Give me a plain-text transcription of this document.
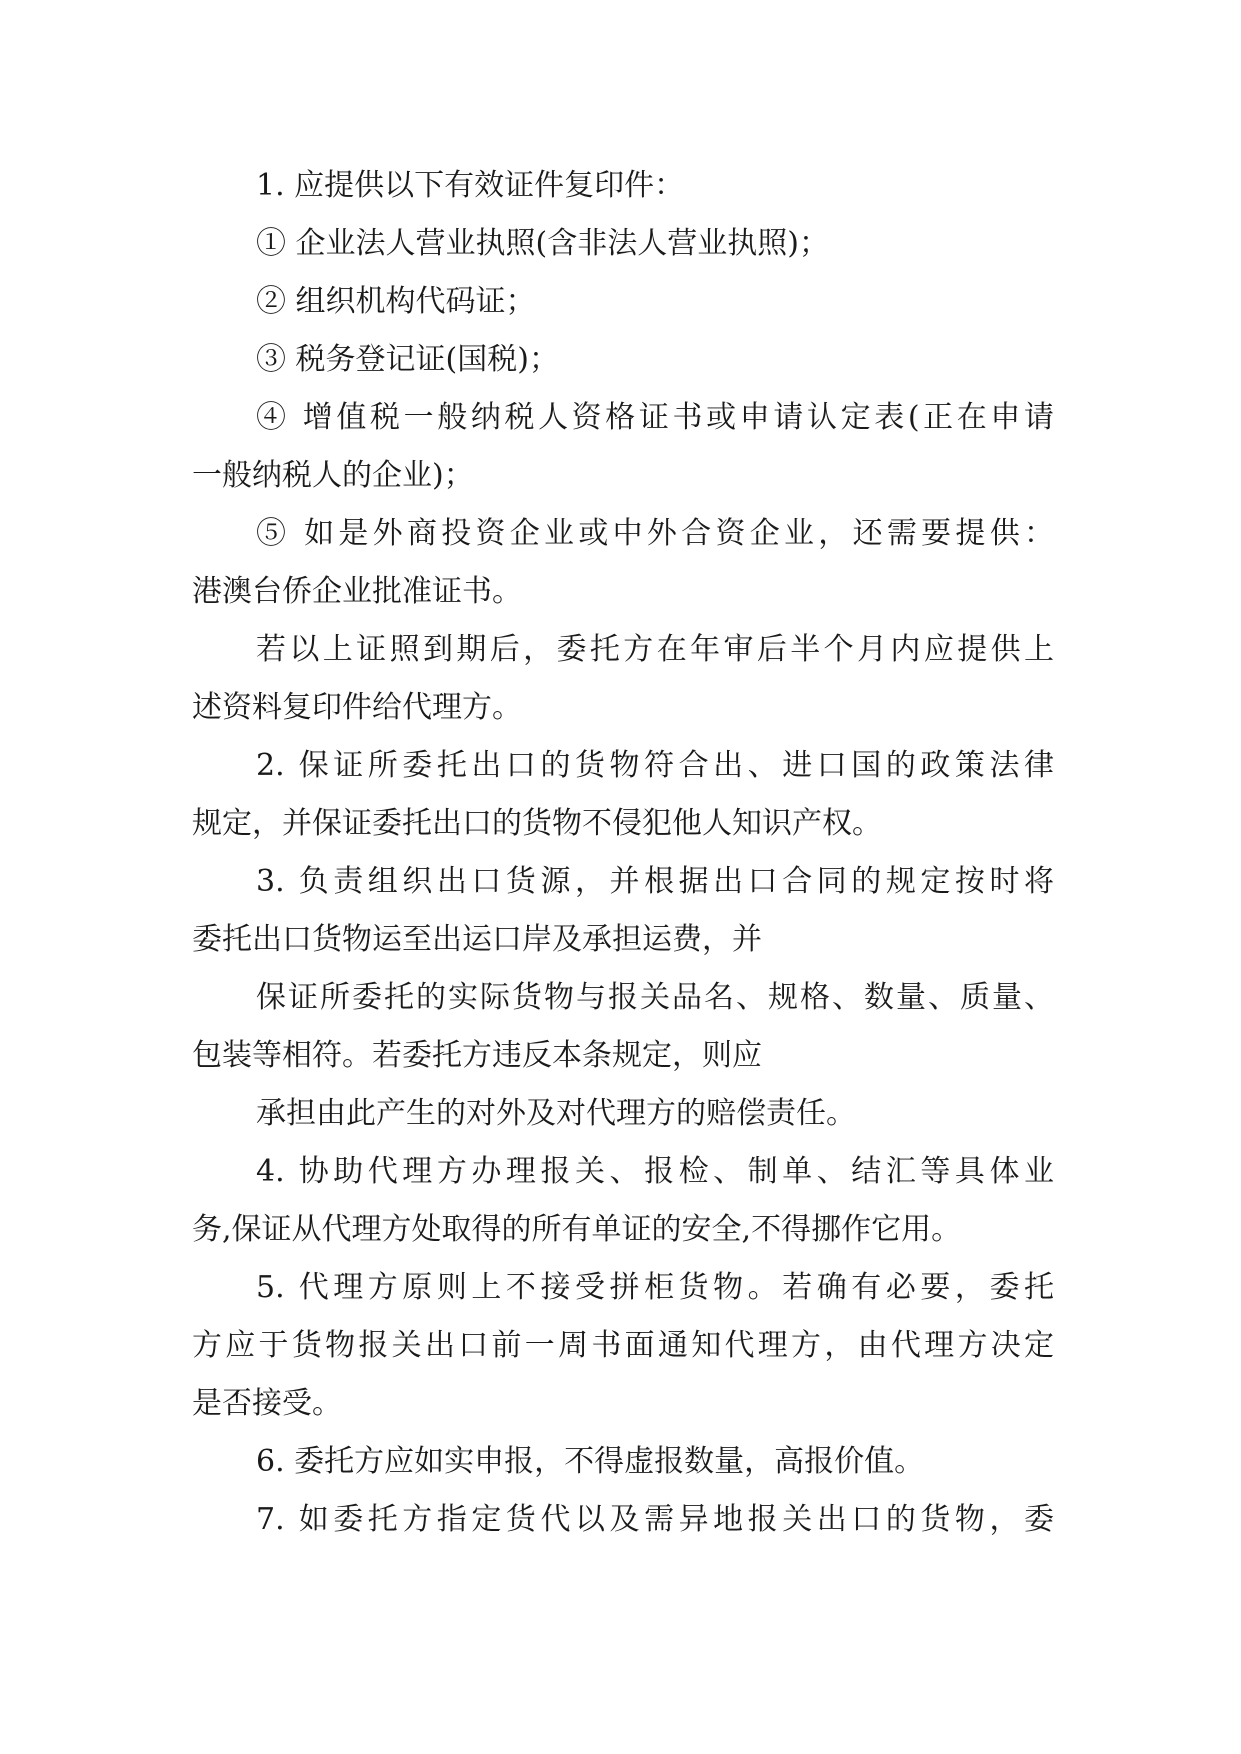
1. 应提供以下有效证件复印件：
① 企业法人营业执照(含非法人营业执照)；
② 组织机构代码证；
③ 税务登记证(国税)；
④ 增值税一般纳税人资格证书或申请认定表(正在申请
一般纳税人的企业)；
⑤ 如是外商投资企业或中外合资企业，还需要提供：
港澳台侨企业批准证书。
若以上证照到期后，委托方在年审后半个月内应提供上
述资料复印件给代理方。
2. 保证所委托出口的货物符合出、进口国的政策法律
规定，并保证委托出口的货物不侵犯他人知识产权。
3. 负责组织出口货源，并根据出口合同的规定按时将
委托出口货物运至出运口岸及承担运费，并
保证所委托的实际货物与报关品名、规格、数量、质量、
包装等相符。若委托方违反本条规定，则应
承担由此产生的对外及对代理方的赔偿责任。
4. 协助代理方办理报关、报检、制单、结汇等具体业
务,保证从代理方处取得的所有单证的安全,不得挪作它用。
5. 代理方原则上不接受拼柜货物。若确有必要，委托
方应于货物报关出口前一周书面通知代理方，由代理方决定
是否接受。
6. 委托方应如实申报，不得虚报数量，高报价值。
7. 如委托方指定货代以及需异地报关出口的货物，委
